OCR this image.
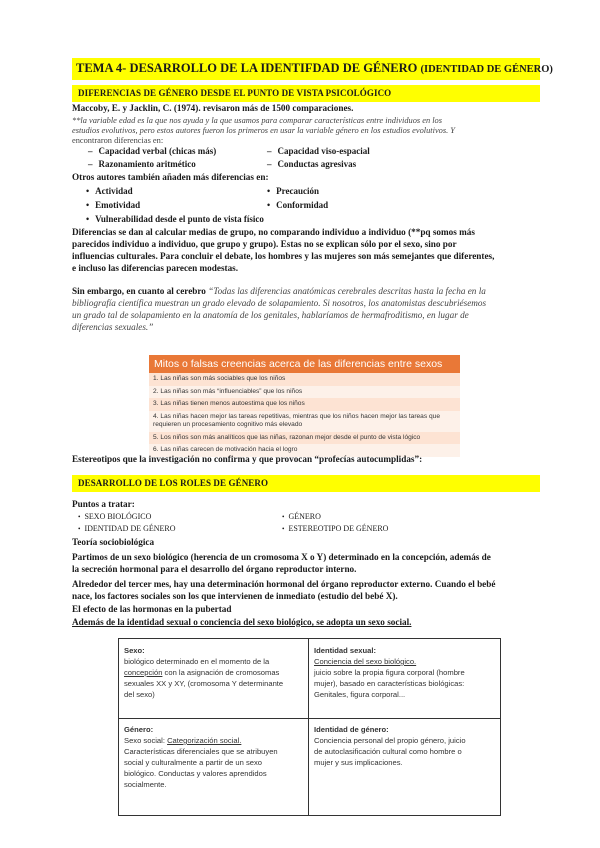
TEMA 4- DESARROLLO DE LA IDENTIFDAD DE GÉNERO (IDENTIDAD DE GÉNERO)
DIFERENCIAS DE GÉNERO DESDE EL PUNTO DE VISTA PSICOLÓGICO
Maccoby, E. y Jacklin, C. (1974). revisaron más de 1500 comparaciones.
**la variable edad es la que nos ayuda y la que usamos para comparar características entre individuos en los
estudios evolutivos, pero estos autores fueron los primeros en usar la variable género en los estudios evolutivos. Y
encontraron diferencias en:
– Capacidad verbal (chicas más)	– Capacidad viso-espacial
– Razonamiento aritmético	– Conductas agresivas
Otros autores también añaden más diferencias en:
• Actividad	• Precaución
• Emotividad	• Conformidad
• Vulnerabilidad desde el punto de vista físico
Diferencias se dan al calcular medias de grupo, no comparando individuo a individuo (**pq somos más
parecidos individuo a individuo, que grupo y grupo). Estas no se explican sólo por el sexo, sino por
influencias culturales. Para concluir el debate, los hombres y las mujeres son más semejantes que diferentes,
e incluso las diferencias parecen modestas.
Sin embargo, en cuanto al cerebro “Todas las diferencias anatómicas cerebrales descritas hasta la fecha en la
bibliografía científica muestran un grado elevado de solapamiento. Si nosotros, los anatomistas descubriésemos
un grado tal de solapamiento en la anatomía de los genitales, hablaríamos de hermafroditismo, en lugar de
diferencias sexuales.”
Mitos o falsas creencias acerca de las diferencias entre sexos
1. Las niñas son más sociables que los niños
2. Las niñas son más “influenciables” que los niños
3. Las niñas tienen menos autoestima que los niños
4. Las niñas hacen mejor las tareas repetitivas, mientras que los niños hacen mejor las tareas que requieren un procesamiento cognitivo más elevado
5. Los niños son más analíticos que las niñas, razonan mejor desde el punto de vista lógico
6. Las niñas carecen de motivación hacia el logro
Estereotipos que la investigación no confirma y que provocan “profecías autocumplidas”:
DESARROLLO DE LOS ROLES DE GÉNERO
Puntos a tratar:
• SEXO BIOLÓGICO	• GÉNERO
• IDENTIDAD DE GÉNERO	• ESTEREOTIPO DE GÉNERO
Teoría sociobiológica
Partimos de un sexo biológico (herencia de un cromosoma X o Y) determinado en la concepción, además de
la secreción hormonal para el desarrollo del órgano reproductor interno.
Alrededor del tercer mes, hay una determinación hormonal del órgano reproductor externo. Cuando el bebé
nace, los factores sociales son los que intervienen de inmediato (estudio del bebé X).
El efecto de las hormonas en la pubertad
Además de la identidad sexual o conciencia del sexo biológico, se adopta un sexo social.
Sexo:
biológico determinado en el momento de la
concepción con la asignación de cromosomas
sexuales XX y XY, (cromosoma Y determinante
del sexo)
Identidad sexual:
Conciencia del sexo biológico.
juicio sobre la propia figura corporal (hombre
mujer), basado en características biológicas:
Genitales, figura corporal...
Género:
Sexo social: Categorización social.
Características diferenciales que se atribuyen
social y culturalmente a partir de un sexo
biológico. Conductas y valores aprendidos
socialmente.
Identidad de género:
Conciencia personal del propio género, juicio
de autoclasificación cultural como hombre o
mujer y sus implicaciones.
